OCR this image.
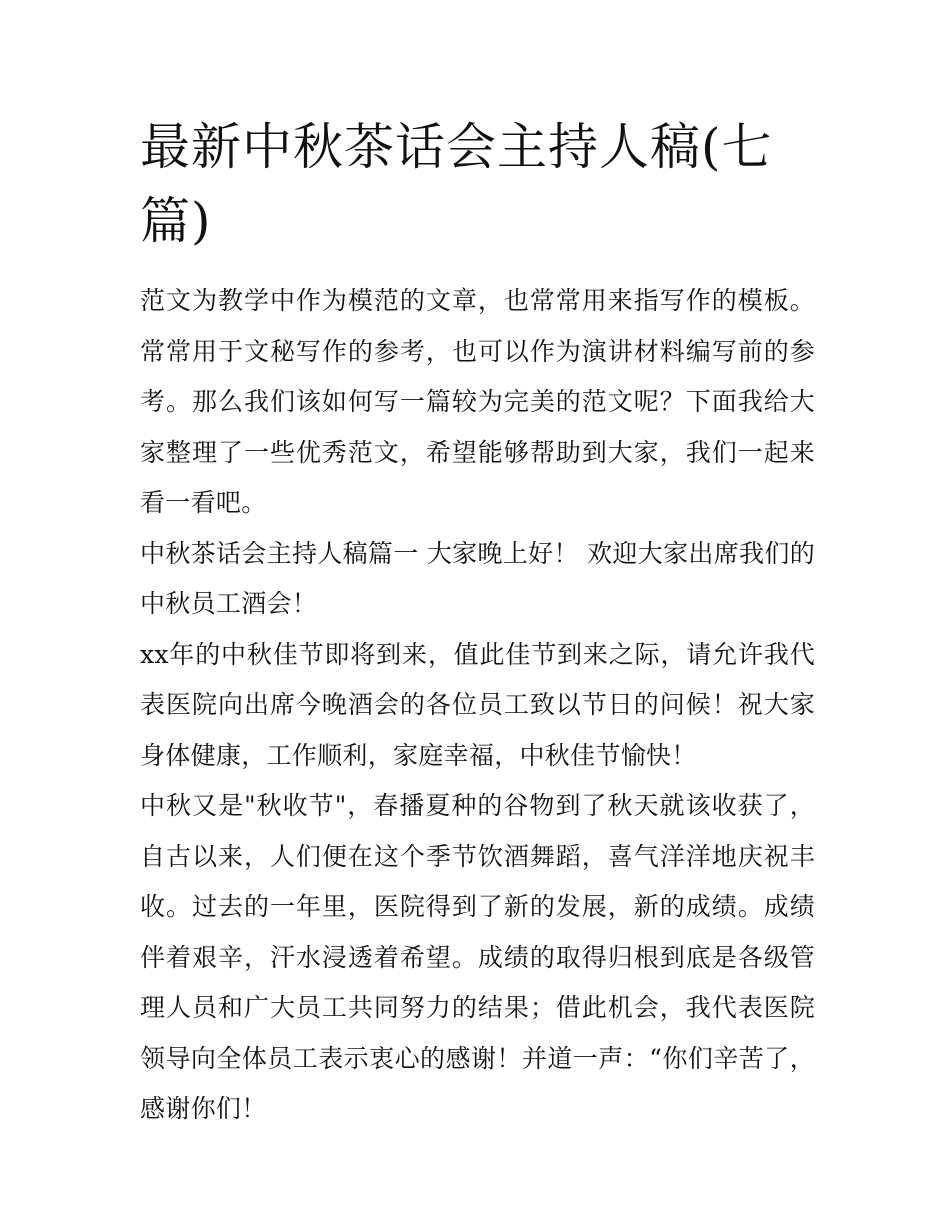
最新中秋茶话会主持人稿(七篇)

范文为教学中作为模范的文章，也常常用来指写作的模板。常常用于文秘写作的参考，也可以作为演讲材料编写前的参考。那么我们该如何写一篇较为完美的范文呢？下面我给大家整理了一些优秀范文，希望能够帮助到大家，我们一起来看一看吧。

中秋茶话会主持人稿篇一 大家晚上好！ 欢迎大家出席我们的中秋员工酒会！

xx年的中秋佳节即将到来，值此佳节到来之际，请允许我代表医院向出席今晚酒会的各位员工致以节日的问候！祝大家身体健康，工作顺利，家庭幸福，中秋佳节愉快！

中秋又是"秋收节"，春播夏种的谷物到了秋天就该收获了，自古以来，人们便在这个季节饮酒舞蹈，喜气洋洋地庆祝丰收。过去的一年里，医院得到了新的发展，新的成绩。成绩伴着艰辛，汗水浸透着希望。成绩的取得归根到底是各级管理人员和广大员工共同努力的结果；借此机会，我代表医院领导向全体员工表示衷心的感谢！并道一声：“你们辛苦了，感谢你们！
